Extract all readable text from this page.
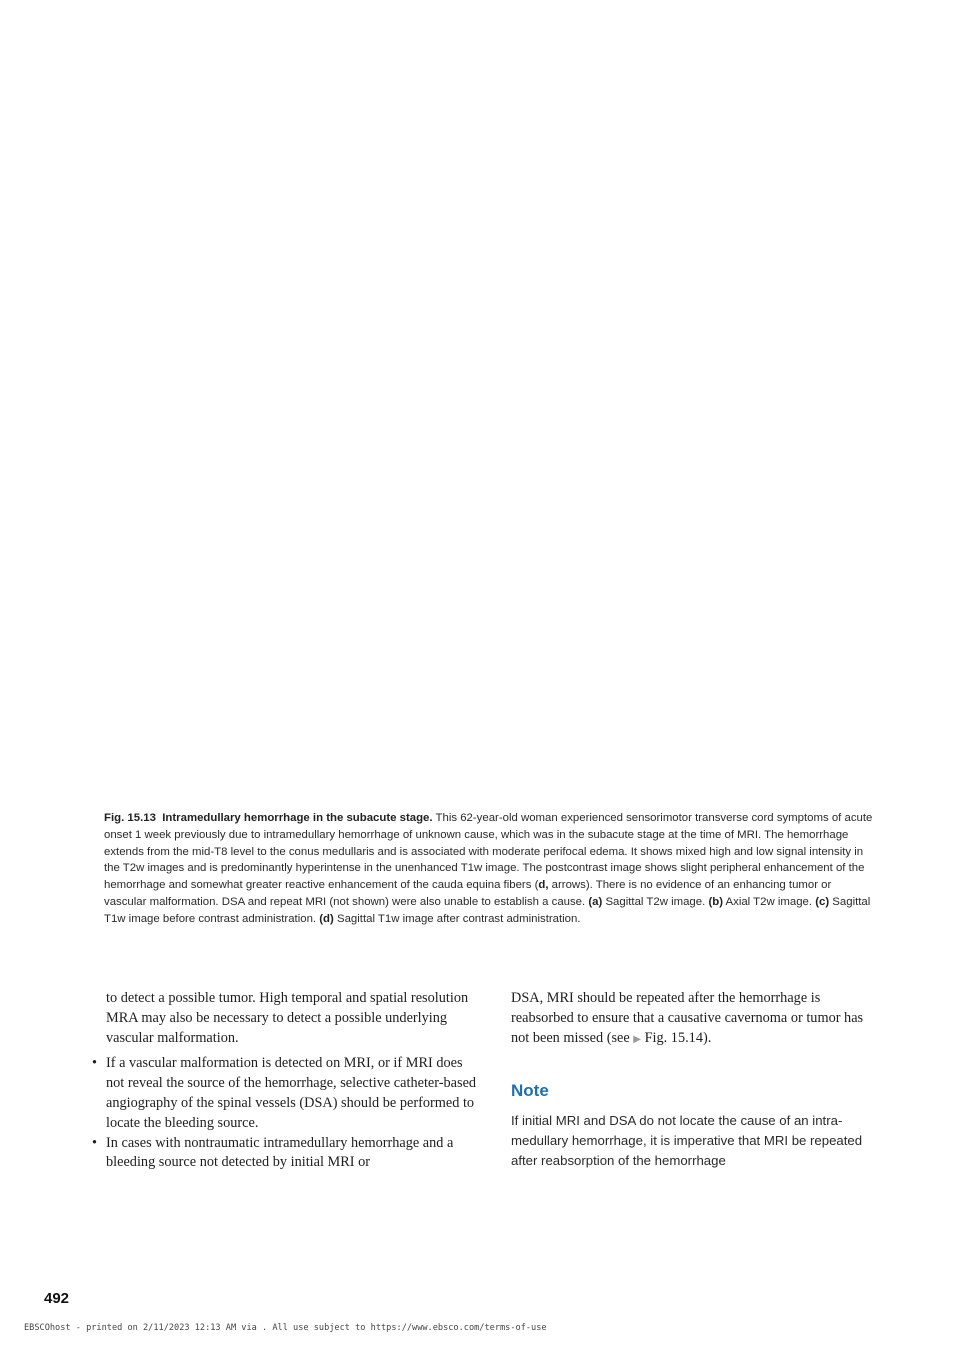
Fig. 15.13 Intramedullary hemorrhage in the subacute stage. This 62-year-old woman experienced sensorimotor transverse cord symptoms of acute onset 1 week previously due to intramedullary hemorrhage of unknown cause, which was in the subacute stage at the time of MRI. The hemorrhage extends from the mid-T8 level to the conus medullaris and is associated with moderate perifocal edema. It shows mixed high and low signal intensity in the T2w images and is predominantly hyperintense in the unenhanced T1w image. The postcontrast image shows slight peripheral enhancement of the hemorrhage and somewhat greater reactive enhancement of the cauda equina fibers (d, arrows). There is no evidence of an enhancing tumor or vascular malformation. DSA and repeat MRI (not shown) were also unable to establish a cause. (a) Sagittal T2w image. (b) Axial T2w image. (c) Sagittal T1w image before contrast administration. (d) Sagittal T1w image after contrast administration.

to detect a possible tumor. High temporal and spatial resolution MRA may also be necessary to detect a possible underlying vascular malformation.

• If a vascular malformation is detected on MRI, or if MRI does not reveal the source of the hemorrhage, selective catheter-based angiography of the spinal vessels (DSA) should be performed to locate the bleeding source.
• In cases with nontraumatic intramedullary hemorrhage and a bleeding source not detected by initial MRI or

DSA, MRI should be repeated after the hemorrhage is reabsorbed to ensure that a causative cavernoma or tumor has not been missed (see ▶ Fig. 15.14).

Note
If initial MRI and DSA do not locate the cause of an intramedullary hemorrhage, it is imperative that MRI be repeated after reabsorption of the hemorrhage
492
EBSCOhost - printed on 2/11/2023 12:13 AM via . All use subject to https://www.ebsco.com/terms-of-use
